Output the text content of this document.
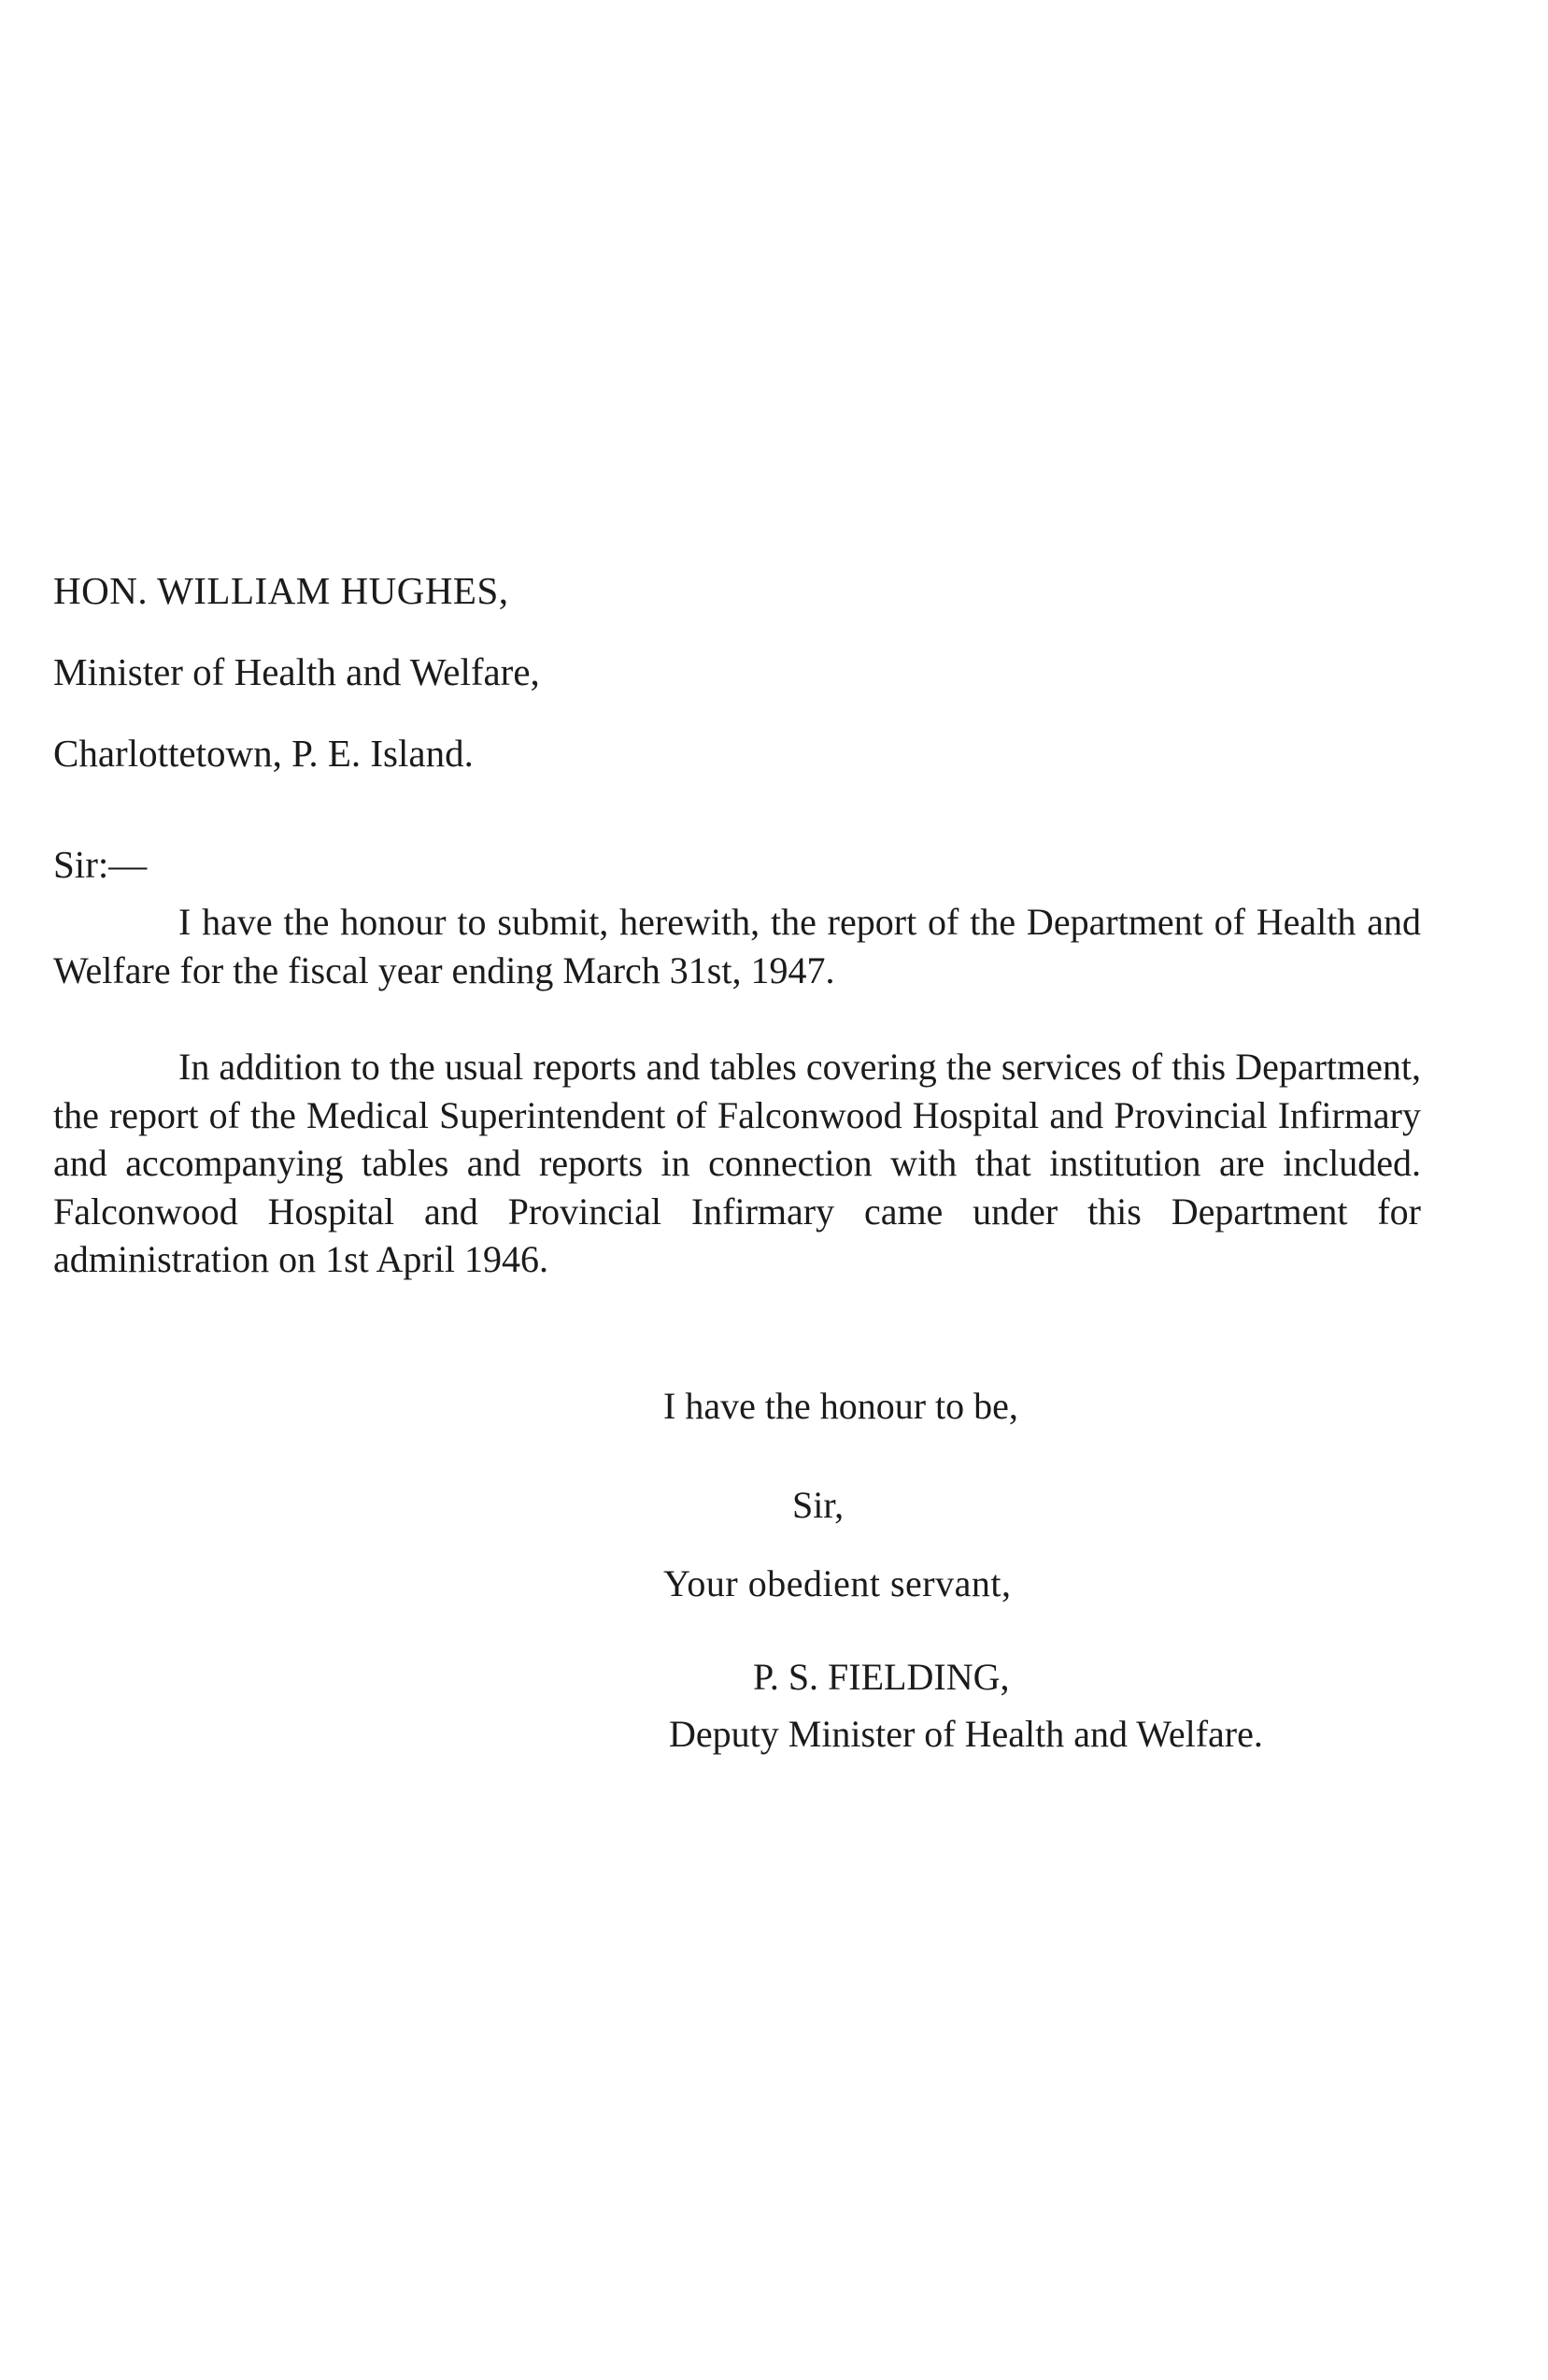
HON. WILLIAM HUGHES,
Minister of Health and Welfare,
Charlottetown, P. E. Island.
Sir:—

I have the honour to submit, herewith, the report of the Department of Health and Welfare for the fiscal year ending March 31st, 1947.

In addition to the usual reports and tables covering the services of this Department, the report of the Medical Superintendent of Falconwood Hospital and Provincial Infirmary and accompanying tables and reports in connection with that institution are included. Falconwood Hospital and Provincial Infirmary came under this Department for administration on 1st April 1946.

I have the honour to be,
Sir,
Your obedient servant,
P. S. FIELDING,
Deputy Minister of Health and Welfare.
